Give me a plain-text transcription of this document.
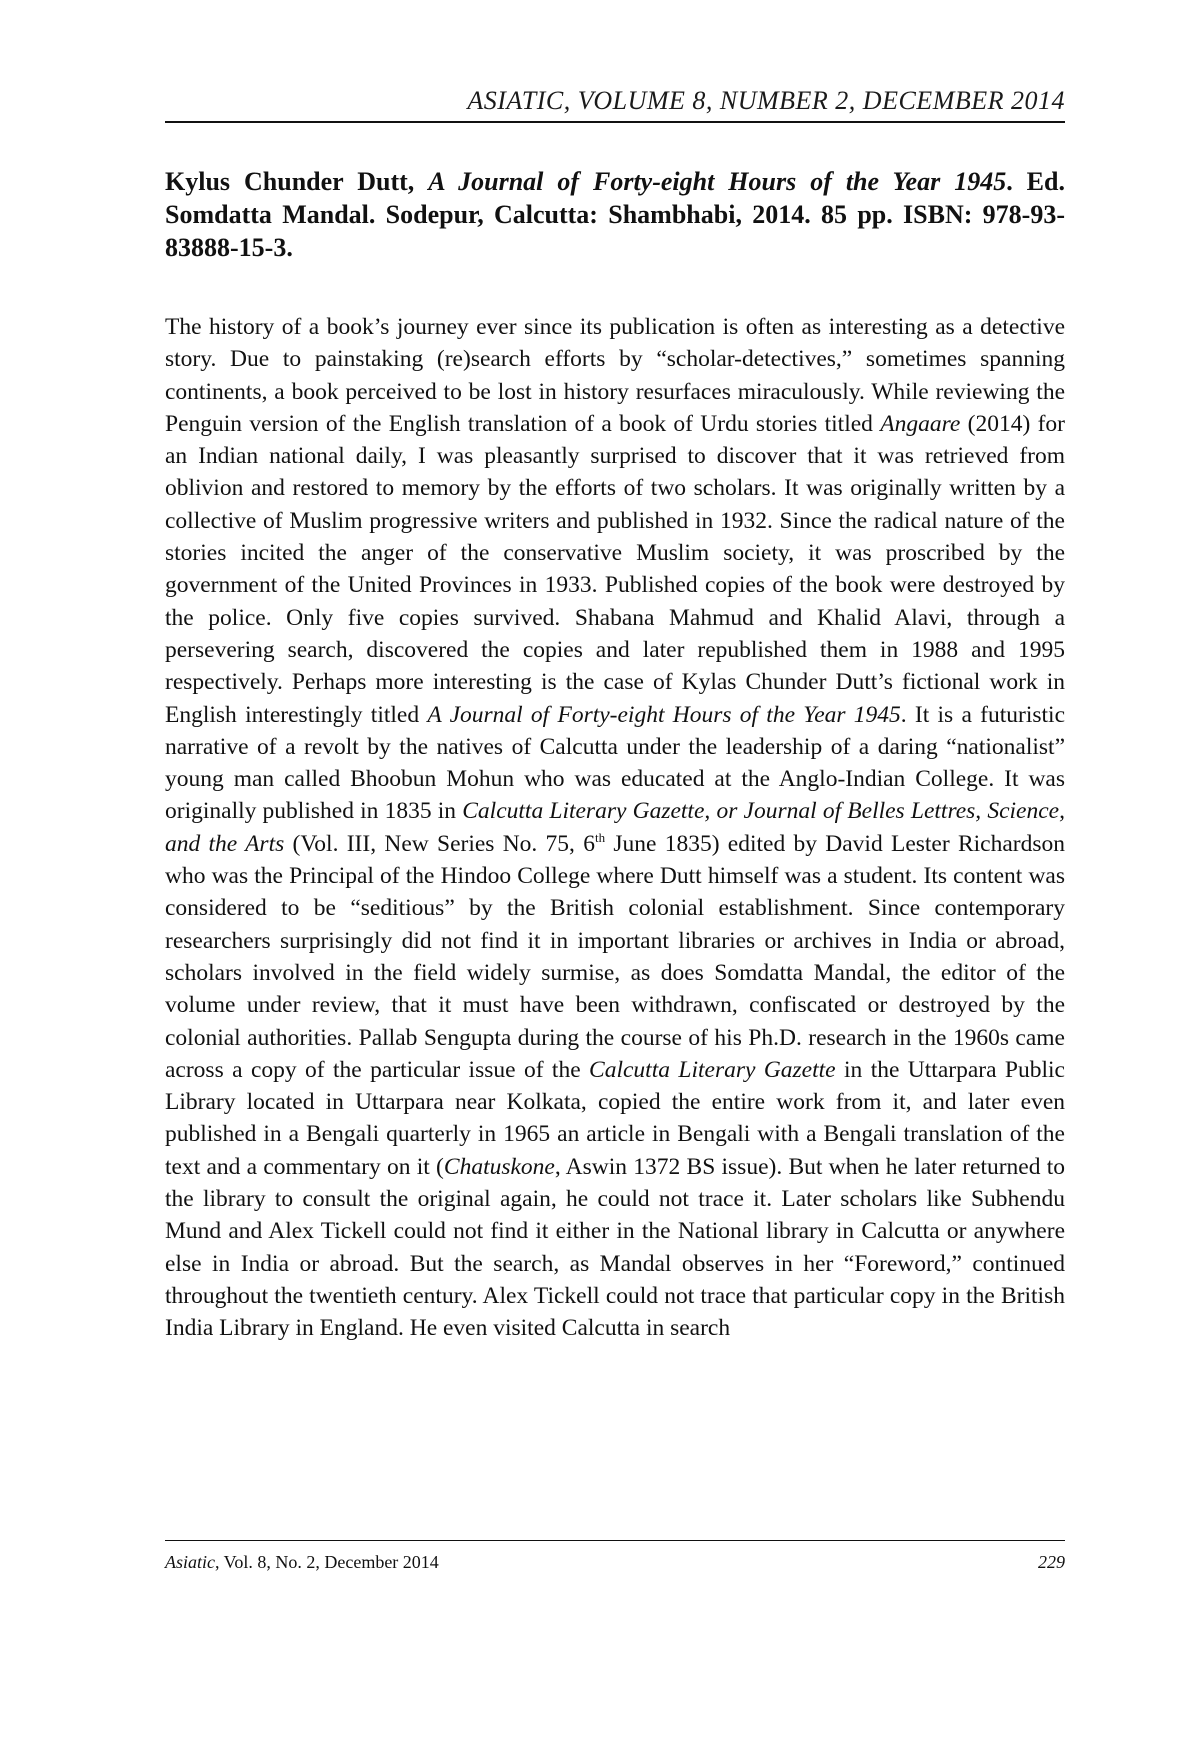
ASIATIC, VOLUME 8, NUMBER 2, DECEMBER 2014
Kylus Chunder Dutt, A Journal of Forty-eight Hours of the Year 1945. Ed. Somdatta Mandal. Sodepur, Calcutta: Shambhabi, 2014. 85 pp. ISBN: 978-93-83888-15-3.

The history of a book’s journey ever since its publication is often as interesting as a detective story. Due to painstaking (re)search efforts by “scholar-detectives,” sometimes spanning continents, a book perceived to be lost in history resurfaces miraculously. While reviewing the Penguin version of the English translation of a book of Urdu stories titled Angaare (2014) for an Indian national daily, I was pleasantly surprised to discover that it was retrieved from oblivion and restored to memory by the efforts of two scholars. It was originally written by a collective of Muslim progressive writers and published in 1932. Since the radical nature of the stories incited the anger of the conservative Muslim society, it was proscribed by the government of the United Provinces in 1933. Published copies of the book were destroyed by the police. Only five copies survived. Shabana Mahmud and Khalid Alavi, through a persevering search, discovered the copies and later republished them in 1988 and 1995 respectively. Perhaps more interesting is the case of Kylas Chunder Dutt’s fictional work in English interestingly titled A Journal of Forty-eight Hours of the Year 1945. It is a futuristic narrative of a revolt by the natives of Calcutta under the leadership of a daring “nationalist” young man called Bhoobun Mohun who was educated at the Anglo-Indian College. It was originally published in 1835 in Calcutta Literary Gazette, or Journal of Belles Lettres, Science, and the Arts (Vol. III, New Series No. 75, 6th June 1835) edited by David Lester Richardson who was the Principal of the Hindoo College where Dutt himself was a student. Its content was considered to be “seditious” by the British colonial establishment. Since contemporary researchers surprisingly did not find it in important libraries or archives in India or abroad, scholars involved in the field widely surmise, as does Somdatta Mandal, the editor of the volume under review, that it must have been withdrawn, confiscated or destroyed by the colonial authorities. Pallab Sengupta during the course of his Ph.D. research in the 1960s came across a copy of the particular issue of the Calcutta Literary Gazette in the Uttarpara Public Library located in Uttarpara near Kolkata, copied the entire work from it, and later even published in a Bengali quarterly in 1965 an article in Bengali with a Bengali translation of the text and a commentary on it (Chatuskone, Aswin 1372 BS issue). But when he later returned to the library to consult the original again, he could not trace it. Later scholars like Subhendu Mund and Alex Tickell could not find it either in the National library in Calcutta or anywhere else in India or abroad. But the search, as Mandal observes in her “Foreword,” continued throughout the twentieth century. Alex Tickell could not trace that particular copy in the British India Library in England. He even visited Calcutta in search

Asiatic, Vol. 8, No. 2, December 2014	229
